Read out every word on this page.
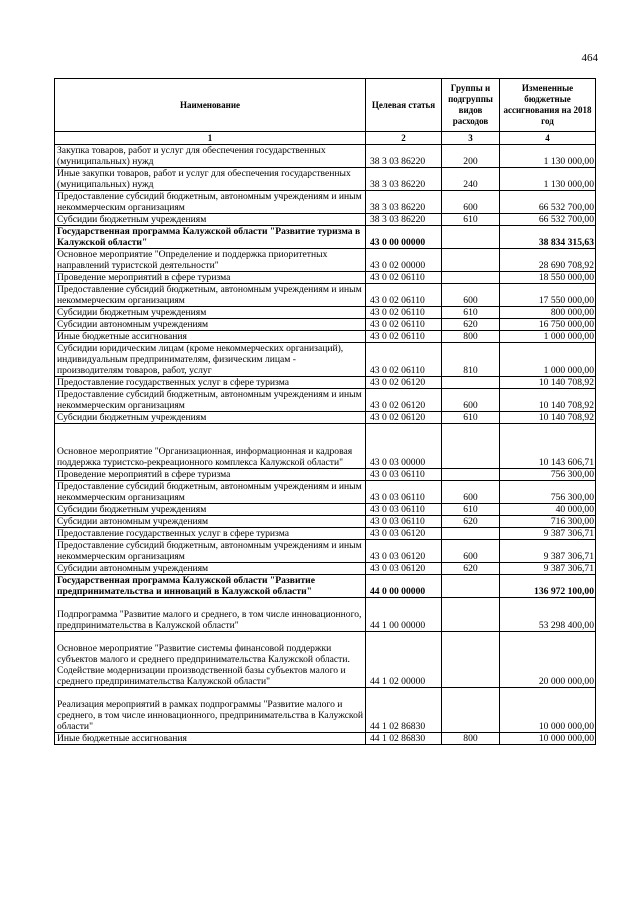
464
Наименование	Целевая статья	Группы и подгруппы видов расходов	Измененные бюджетные ассигнования на 2018 год
1	2	3	4
Закупка товаров, работ и услуг для обеспечения государственных (муниципальных) нужд	38 3 03 86220	200	1 130 000,00
Иные закупки товаров, работ и услуг для обеспечения государственных (муниципальных) нужд	38 3 03 86220	240	1 130 000,00
Предоставление субсидий бюджетным, автономным учреждениям и иным некоммерческим организациям	38 3 03 86220	600	66 532 700,00
Субсидии бюджетным учреждениям	38 3 03 86220	610	66 532 700,00
Государственная программа Калужской области "Развитие туризма в Калужской области"	43 0 00 00000		38 834 315,63
Основное мероприятие "Определение и поддержка приоритетных направлений туристской деятельности"	43 0 02 00000		28 690 708,92
Проведение мероприятий в сфере туризма	43 0 02 06110		18 550 000,00
Предоставление субсидий бюджетным, автономным учреждениям и иным некоммерческим организациям	43 0 02 06110	600	17 550 000,00
Субсидии бюджетным учреждениям	43 0 02 06110	610	800 000,00
Субсидии автономным учреждениям	43 0 02 06110	620	16 750 000,00
Иные бюджетные ассигнования	43 0 02 06110	800	1 000 000,00
Субсидии юридическим лицам (кроме некоммерческих организаций), индивидуальным предпринимателям, физическим лицам - производителям товаров, работ, услуг	43 0 02 06110	810	1 000 000,00
Предоставление государственных услуг в сфере туризма	43 0 02 06120		10 140 708,92
Предоставление субсидий бюджетным, автономным учреждениям и иным некоммерческим организациям	43 0 02 06120	600	10 140 708,92
Субсидии бюджетным учреждениям	43 0 02 06120	610	10 140 708,92
Основное мероприятие "Организационная, информационная и кадровая поддержка туристско-рекреационного комплекса Калужской области"	43 0 03 00000		10 143 606,71
Проведение мероприятий в сфере туризма	43 0 03 06110		756 300,00
Предоставление субсидий бюджетным, автономным учреждениям и иным некоммерческим организациям	43 0 03 06110	600	756 300,00
Субсидии бюджетным учреждениям	43 0 03 06110	610	40 000,00
Субсидии автономным учреждениям	43 0 03 06110	620	716 300,00
Предоставление государственных услуг в сфере туризма	43 0 03 06120		9 387 306,71
Предоставление субсидий бюджетным, автономным учреждениям и иным некоммерческим организациям	43 0 03 06120	600	9 387 306,71
Субсидии автономным учреждениям	43 0 03 06120	620	9 387 306,71
Государственная программа Калужской области "Развитие предпринимательства и инноваций в Калужской области"	44 0 00 00000		136 972 100,00
Подпрограмма "Развитие малого и среднего, в том числе инновационного, предпринимательства в Калужской области"	44 1 00 00000		53 298 400,00
Основное мероприятие "Развитие системы финансовой поддержки субъектов малого и среднего предпринимательства Калужской области. Содействие модернизации производственной базы субъектов малого и среднего предпринимательства Калужской области"	44 1 02 00000		20 000 000,00
Реализация мероприятий в рамках подпрограммы "Развитие малого и среднего, в том числе инновационного, предпринимательства в Калужской области"	44 1 02 86830		10 000 000,00
Иные бюджетные ассигнования	44 1 02 86830	800	10 000 000,00
